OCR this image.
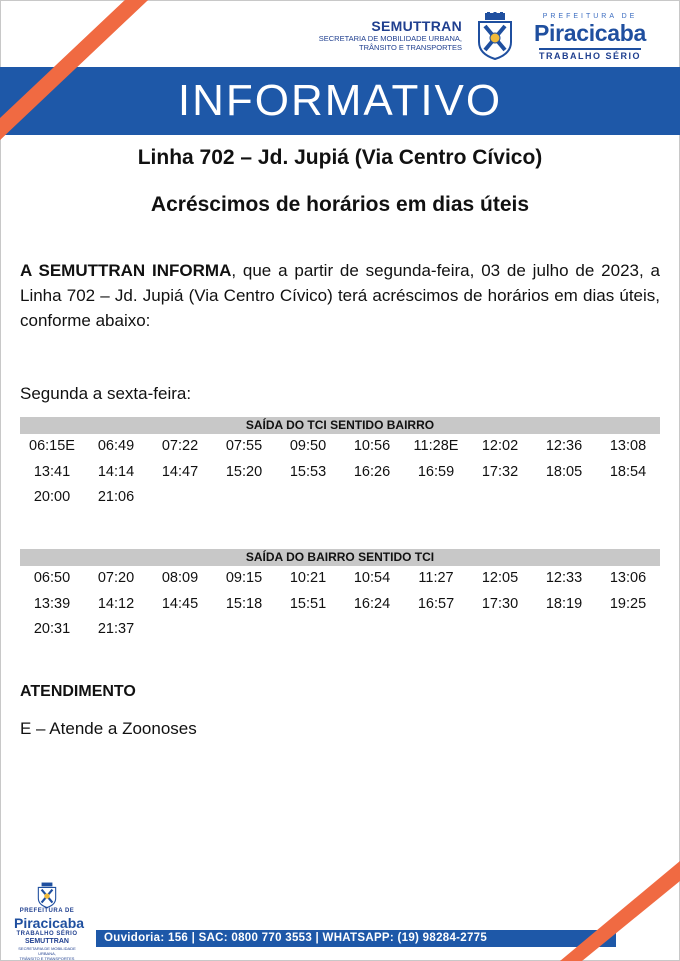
SEMUTTRAN
SECRETARIA DE MOBILIDADE URBANA,
TRÂNSITO E TRANSPORTES
PREFEITURA DE
Piracicaba
TRABALHO SÉRIO
INFORMATIVO
Linha 702 – Jd. Jupiá (Via Centro Cívico)
Acréscimos de horários em dias úteis
A SEMUTTRAN INFORMA, que a partir de segunda-feira, 03 de julho de 2023, a Linha 702 – Jd. Jupiá (Via Centro Cívico) terá acréscimos de horários em dias úteis, conforme abaixo:
Segunda a sexta-feira:
SAÍDA DO TCI SENTIDO BAIRRO
06:15E	06:49	07:22	07:55	09:50	10:56	11:28E	12:02	12:36	13:08
13:41	14:14	14:47	15:20	15:53	16:26	16:59	17:32	18:05	18:54
20:00	21:06
SAÍDA DO BAIRRO SENTIDO TCI
06:50	07:20	08:09	09:15	10:21	10:54	11:27	12:05	12:33	13:06
13:39	14:12	14:45	15:18	15:51	16:24	16:57	17:30	18:19	19:25
20:31	21:37
ATENDIMENTO
E – Atende a Zoonoses
PREFEITURA DE
Piracicaba
TRABALHO SÉRIO
SEMUTTRAN
SECRETARIA DE MOBILIDADE URBANA,
TRÂNSITO E TRANSPORTES
Ouvidoria: 156 | SAC: 0800 770 3553 | WHATSAPP: (19) 98284-2775
